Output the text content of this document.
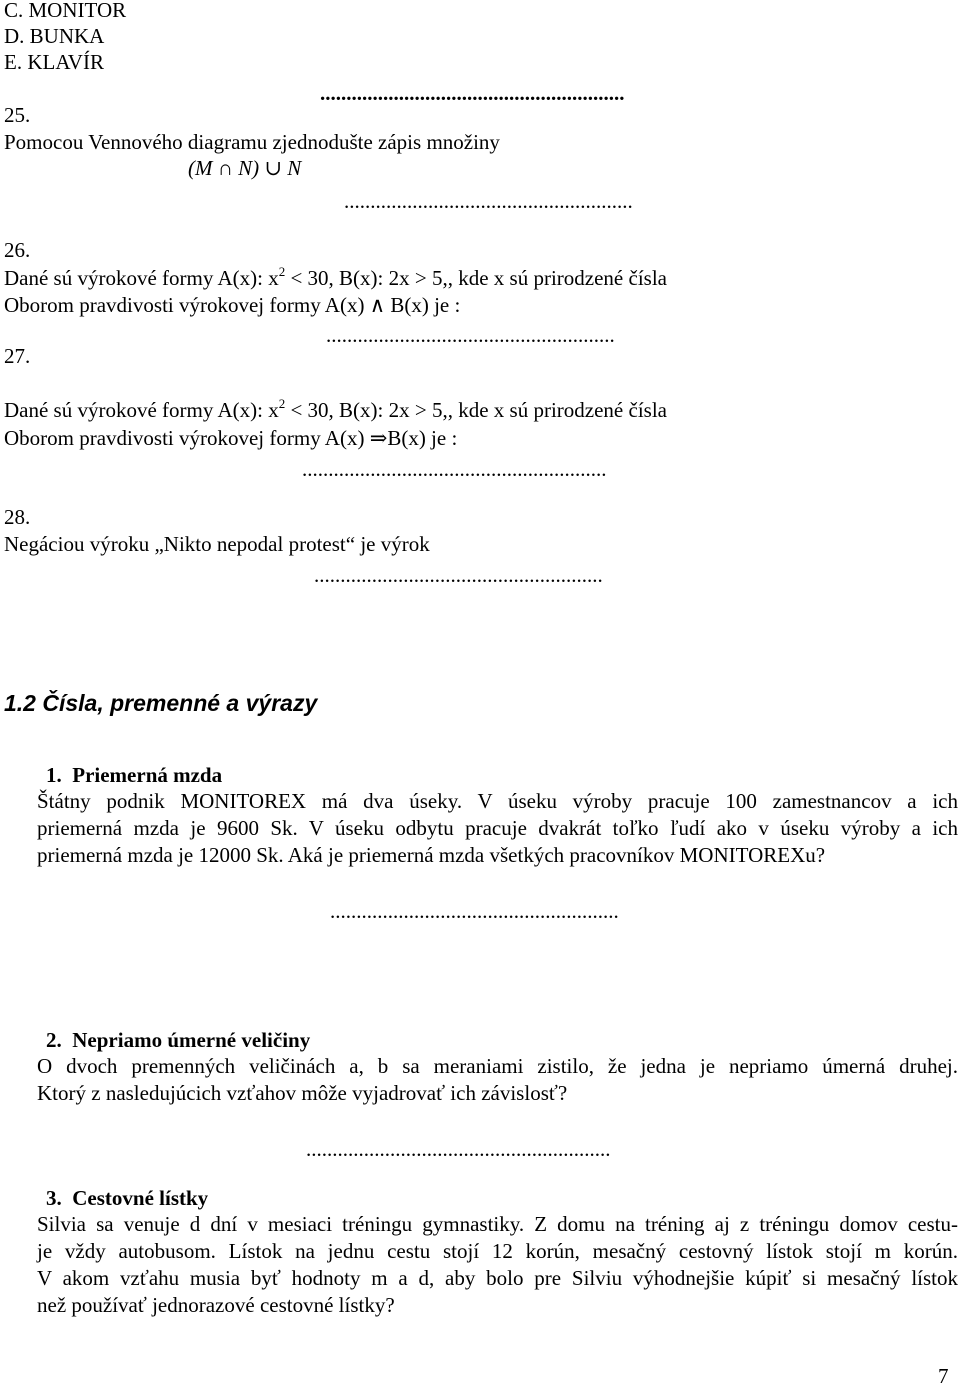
C. MONITOR
D. BUNKA
E. KLAVÍR
..........................................................
25.
Pomocou Vennového diagramu zjednodušte zápis množiny
(M ∩ N) ∪ N
.......................................................
26.
Dané sú výrokové formy A(x): $x^2 < 30$, B(x): 2x > 5,, kde x sú prirodzené čísla
Oborom pravdivosti výrokovej formy A(x) ∧ B(x) je :
.......................................................
27.
Dané sú výrokové formy A(x): $x^2 < 30$, B(x): 2x > 5,, kde x sú prirodzené čísla
Oborom pravdivosti výrokovej formy A(x) ⇒B(x) je :
..........................................................
28.
Negáciou výroku „Nikto nepodal protest“ je výrok
.......................................................
1.2 Čísla, premenné a výrazy
1. Priemerná mzda
Štátny podnik MONITOREX má dva úseky. V úseku výroby pracuje 100 zamestnancov a ich
priemerná mzda je 9600 Sk. V úseku odbytu pracuje dvakrát toľko ľudí ako v úseku výroby a ich
priemerná mzda je 12000 Sk. Aká je priemerná mzda všetkých pracovníkov MONITOREXu?
.......................................................
2. Nepriamo úmerné veličiny
O dvoch premenných veličinách a, b sa meraniami zistilo, že jedna je nepriamo úmerná druhej.
Ktorý z nasledujúcich vzťahov môže vyjadrovať ich závislosť?
..........................................................
3. Cestovné lístky
Silvia sa venuje d dní v mesiaci tréningu gymnastiky. Z domu na tréning aj z tréningu domov cestu-
je vždy autobusom. Lístok na jednu cestu stojí 12 korún, mesačný cestovný lístok stojí m korún.
V akom vzťahu musia byť hodnoty m a d, aby bolo pre Silviu výhodnejšie kúpiť si mesačný lístok
než používať jednorazové cestovné lístky?
7
